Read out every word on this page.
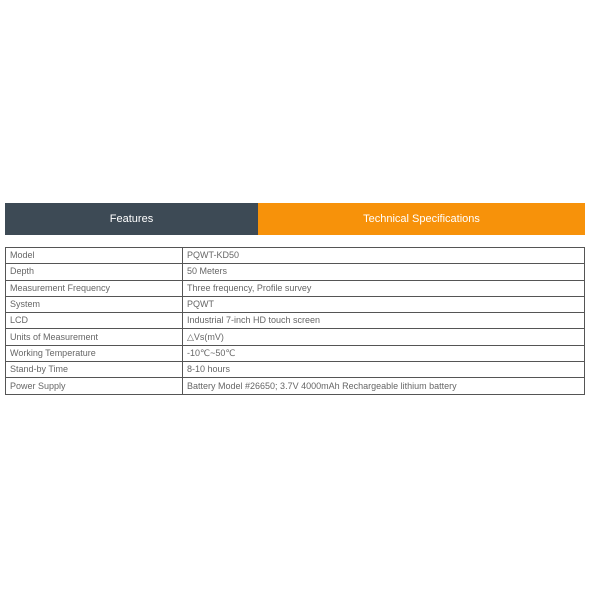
Features	Technical Specifications
Model	PQWT-KD50
Depth	50 Meters
Measurement Frequency	Three frequency, Profile survey
System	PQWT
LCD	Industrial 7-inch HD touch screen
Units of Measurement	△Vs(mV)
Working Temperature	-10℃~50℃
Stand-by Time	8-10 hours
Power Supply	Battery Model #26650; 3.7V 4000mAh Rechargeable lithium battery
